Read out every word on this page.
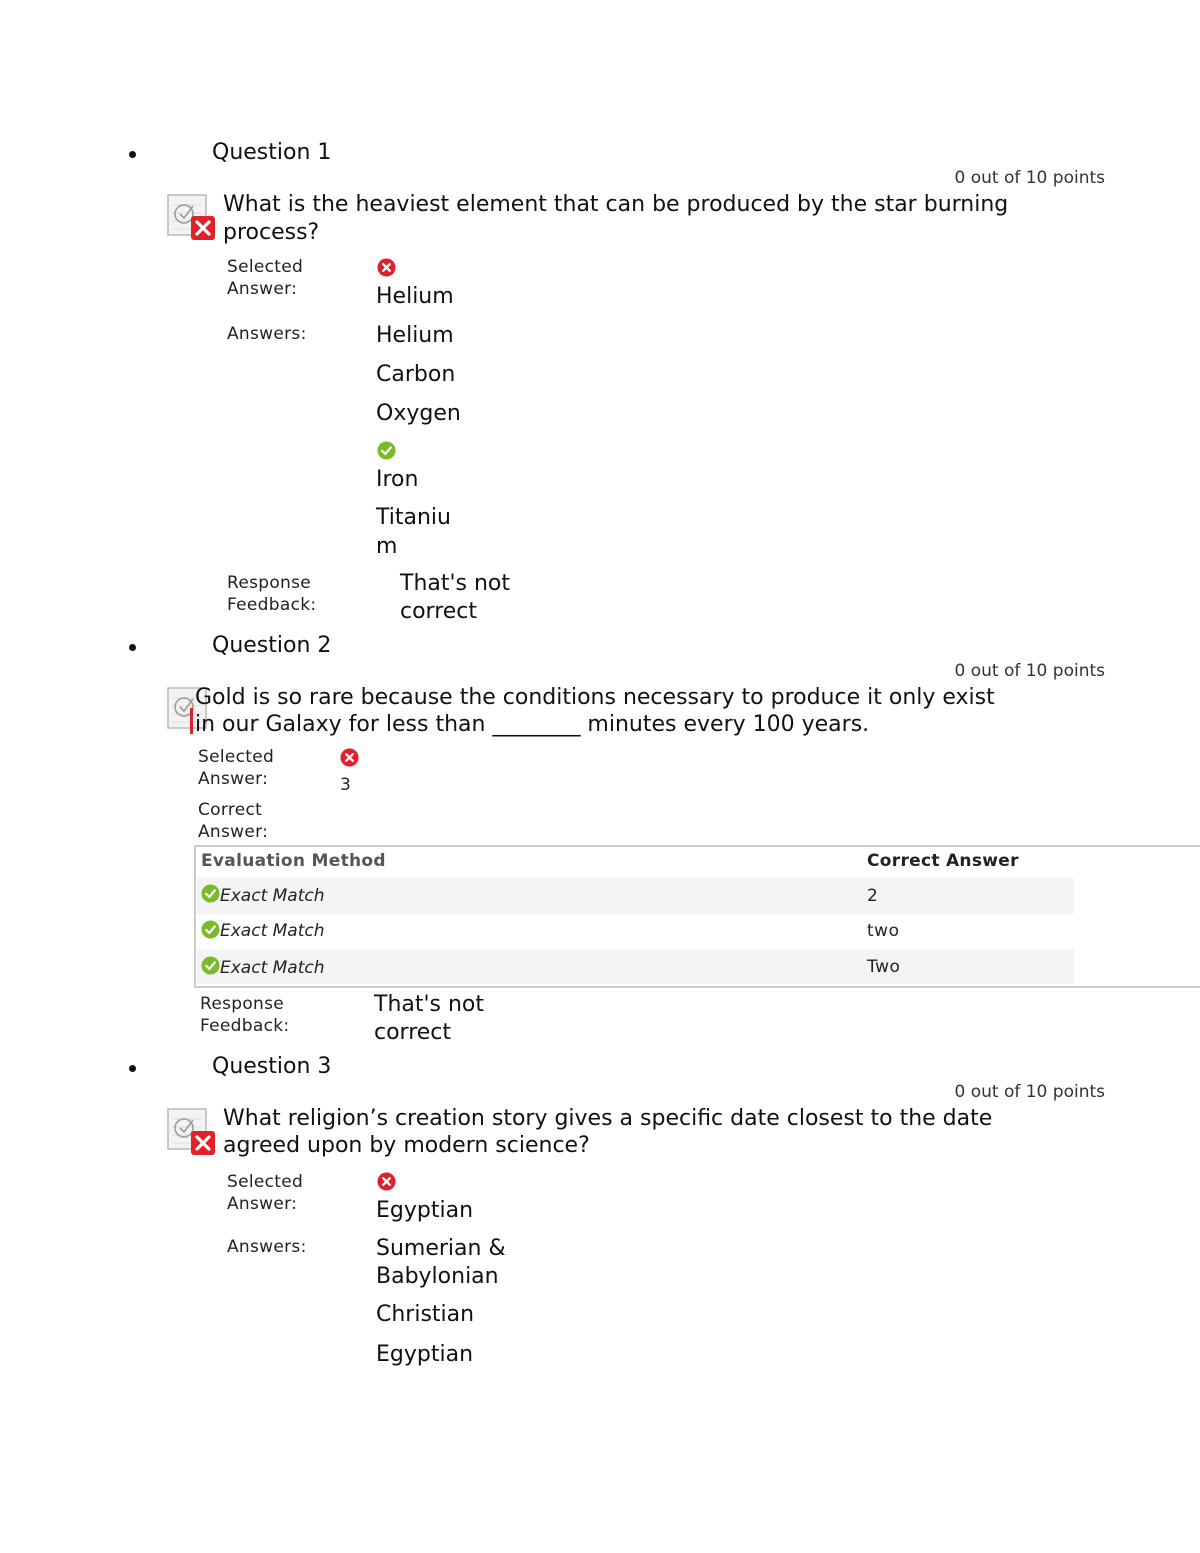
Question 1
0 out of 10 points
What is the heaviest element that can be produced by the star burning
process?
Selected
Answer:	Helium
Answers:	Helium
Carbon
Oxygen
Iron
Titaniu
m
Response
Feedback:
That's not
correct
Question 2
0 out of 10 points
Gold is so rare because the conditions necessary to produce it only exist
in our Galaxy for less than ________ minutes every 100 years.
Selected
Answer:	3
Correct
Answer:
Evaluation Method	Correct Answer
Exact Match	2
Exact Match	two
Exact Match	Two
Response
Feedback:
That's not
correct
Question 3
0 out of 10 points
What religion’s creation story gives a specific date closest to the date
agreed upon by modern science?
Selected
Answer:	Egyptian
Answers:	Sumerian &
Babylonian
Christian
Egyptian
